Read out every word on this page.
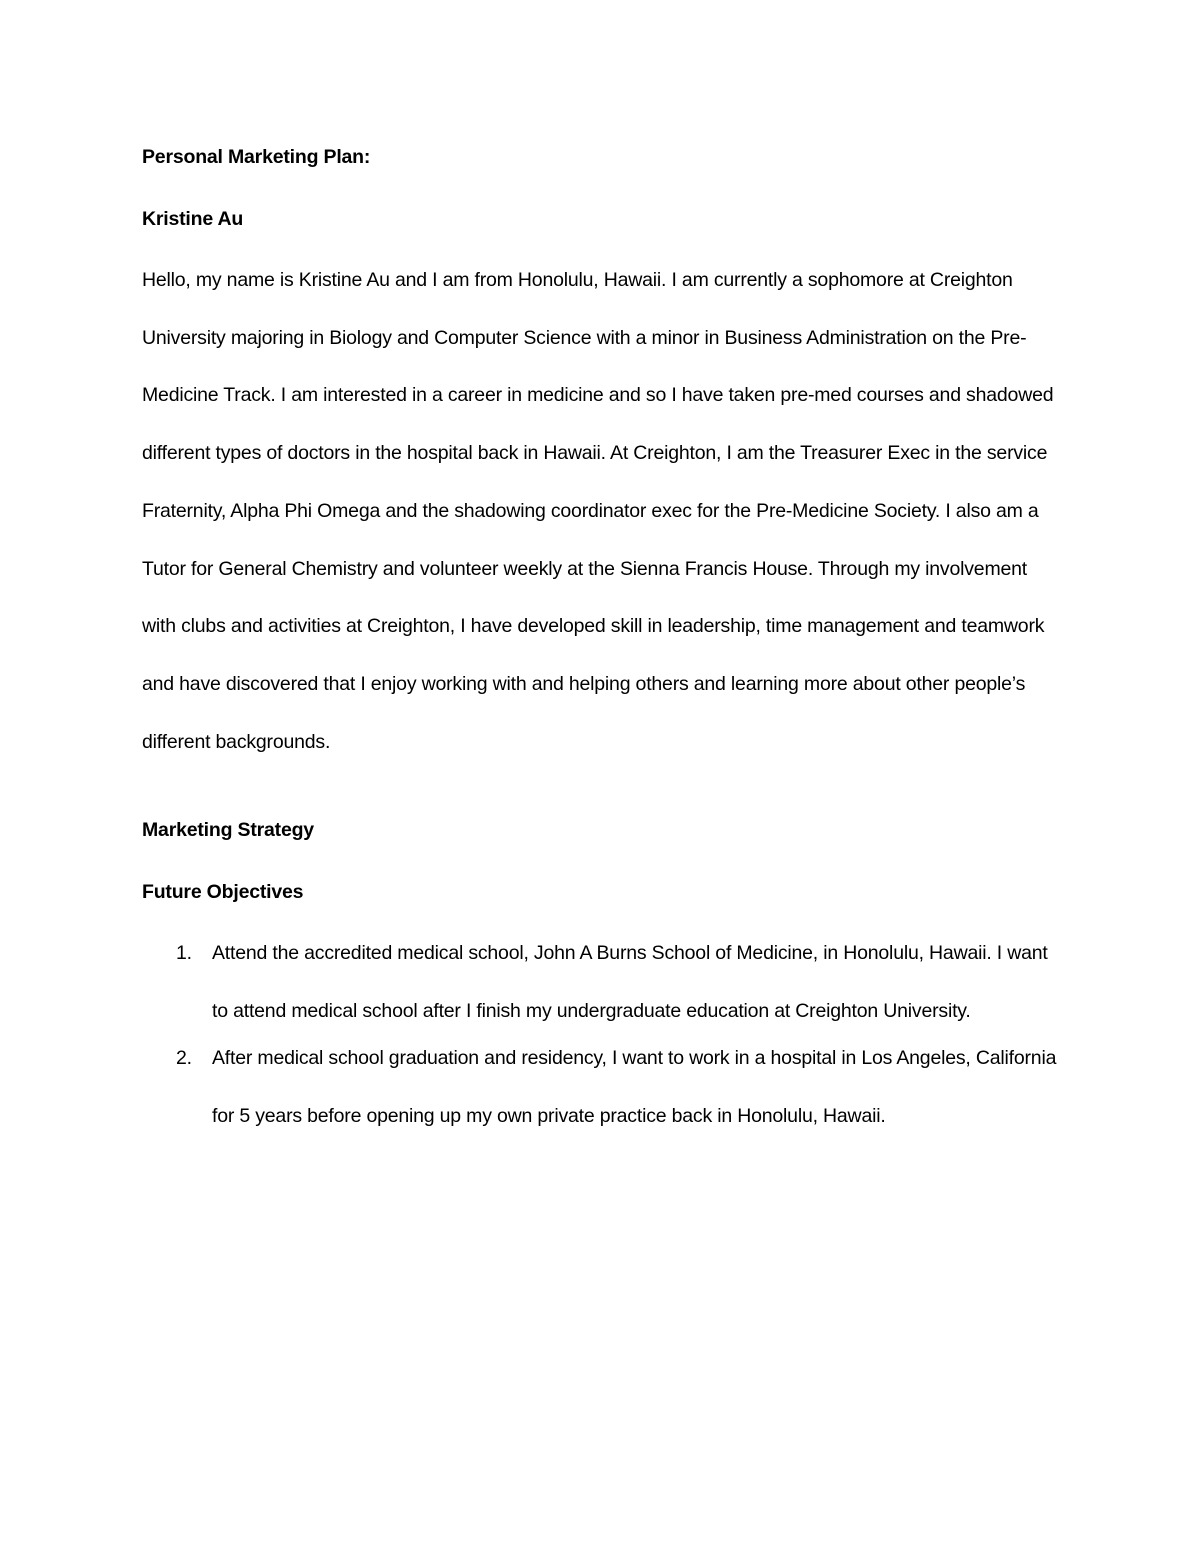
Personal Marketing Plan:

Kristine Au

Hello, my name is Kristine Au and I am from Honolulu, Hawaii. I am currently a sophomore at Creighton University majoring in Biology and Computer Science with a minor in Business Administration on the Pre-Medicine Track. I am interested in a career in medicine and so I have taken pre-med courses and shadowed different types of doctors in the hospital back in Hawaii. At Creighton, I am the Treasurer Exec in the service Fraternity, Alpha Phi Omega and the shadowing coordinator exec for the Pre-Medicine Society. I also am a Tutor for General Chemistry and volunteer weekly at the Sienna Francis House. Through my involvement with clubs and activities at Creighton, I have developed skill in leadership, time management and teamwork and have discovered that I enjoy working with and helping others and learning more about other people’s different backgrounds.

Marketing Strategy

Future Objectives

1. Attend the accredited medical school, John A Burns School of Medicine, in Honolulu, Hawaii. I want to attend medical school after I finish my undergraduate education at Creighton University.
2. After medical school graduation and residency, I want to work in a hospital in Los Angeles, California for 5 years before opening up my own private practice back in Honolulu, Hawaii.
